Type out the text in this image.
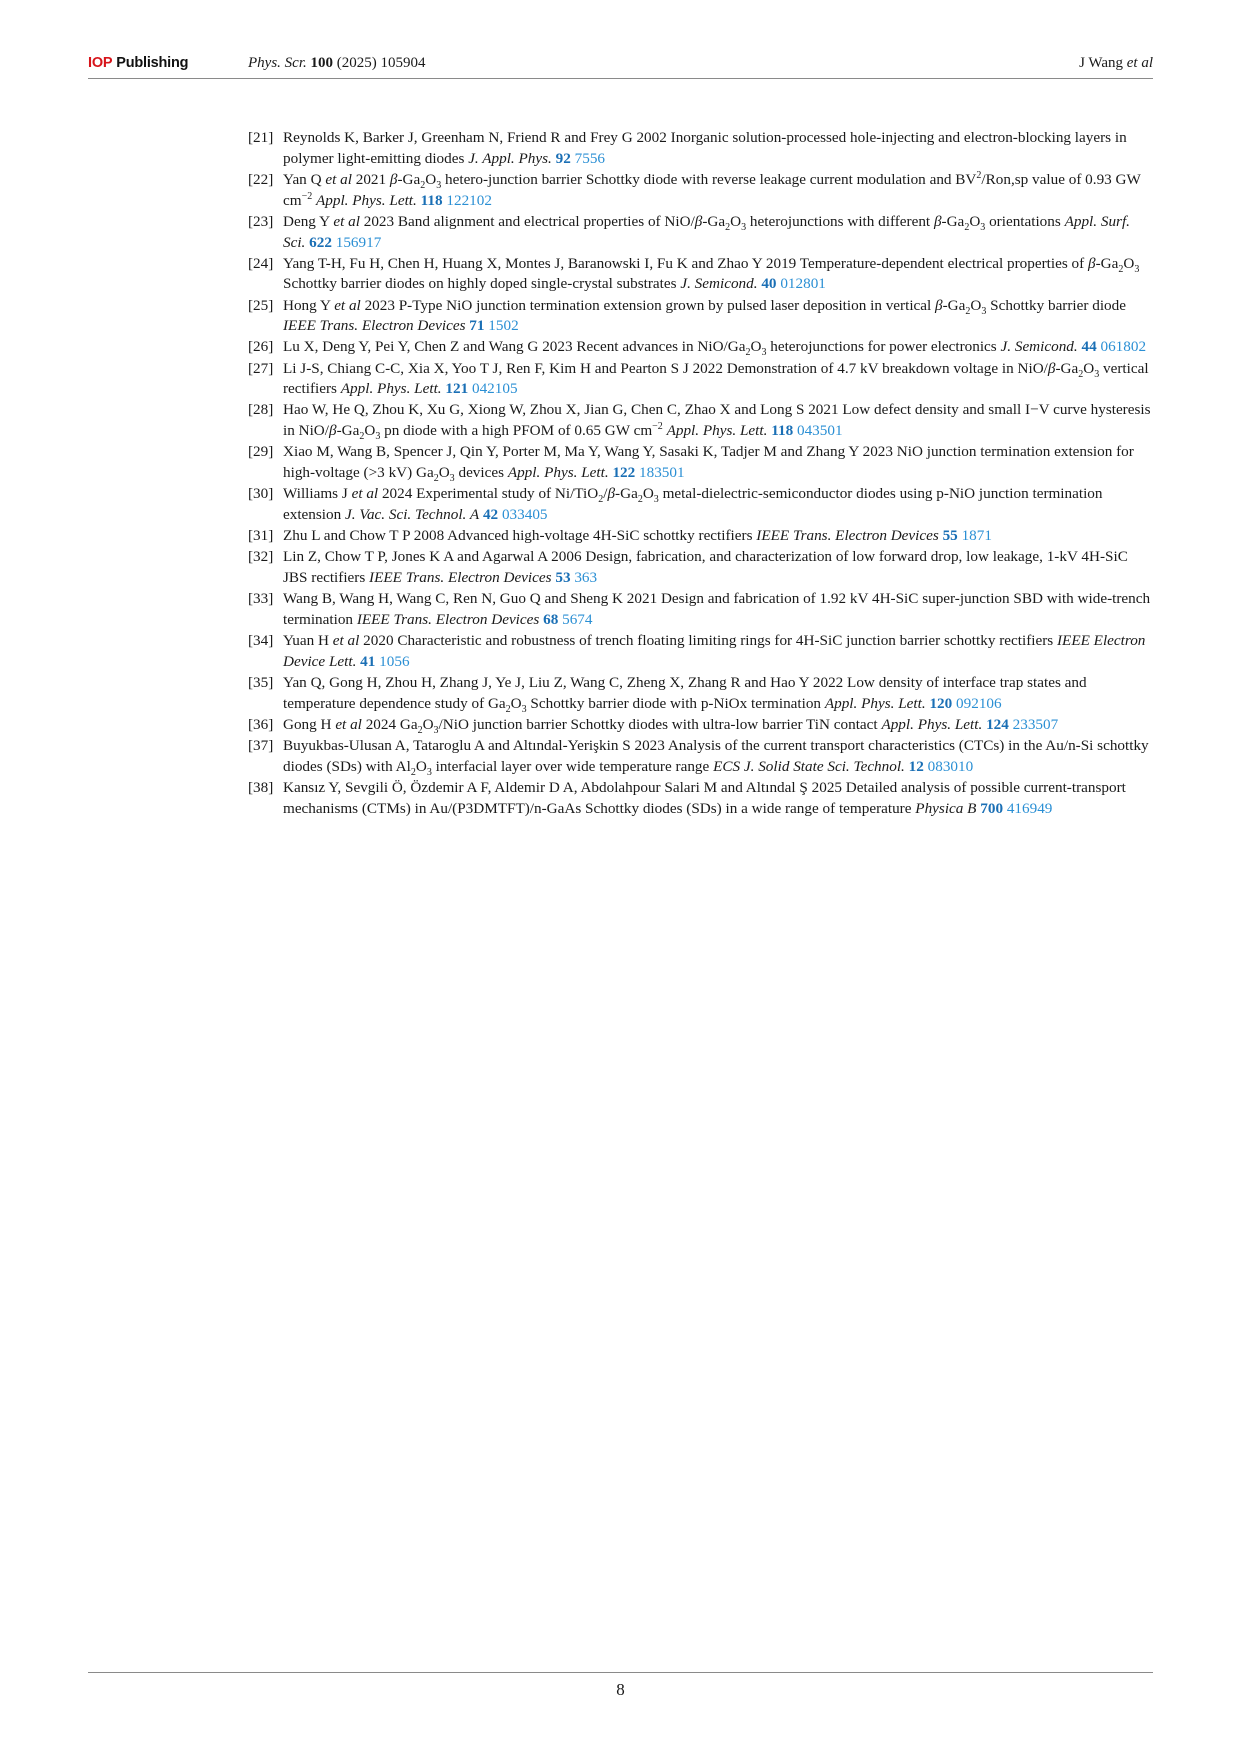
IOP Publishing	Phys. Scr. 100 (2025) 105904	J Wang et al
[21] Reynolds K, Barker J, Greenham N, Friend R and Frey G 2002 Inorganic solution-processed hole-injecting and electron-blocking layers in polymer light-emitting diodes J. Appl. Phys. 92 7556
[22] Yan Q et al 2021 $\beta-Ga_2O_3$ hetero-junction barrier Schottky diode with reverse leakage current modulation and $BV^2/Ron,sp$ value of 0.93 GW $cm^{-2}$ Appl. Phys. Lett. 118 122102
[23] Deng Y et al 2023 Band alignment and electrical properties of NiO/$\beta-Ga_2O_3$ heterojunctions with different $\beta-Ga_2O_3$ orientations Appl. Surf. Sci. 622 156917
[24] Yang T-H, Fu H, Chen H, Huang X, Montes J, Baranowski I, Fu K and Zhao Y 2019 Temperature-dependent electrical properties of $\beta-Ga_2O_3$ Schottky barrier diodes on highly doped single-crystal substrates J. Semicond. 40 012801
[25] Hong Y et al 2023 P-Type NiO junction termination extension grown by pulsed laser deposition in vertical $\beta-Ga_2O_3$ Schottky barrier diode IEEE Trans. Electron Devices 71 1502
[26] Lu X, Deng Y, Pei Y, Chen Z and Wang G 2023 Recent advances in NiO/$Ga_2O_3$ heterojunctions for power electronics J. Semicond. 44 061802
[27] Li J-S, Chiang C-C, Xia X, Yoo T J, Ren F, Kim H and Pearton S J 2022 Demonstration of 4.7 kV breakdown voltage in NiO/$\beta-Ga_2O_3$ vertical rectifiers Appl. Phys. Lett. 121 042105
[28] Hao W, He Q, Zhou K, Xu G, Xiong W, Zhou X, Jian G, Chen C, Zhao X and Long S 2021 Low defect density and small I−V curve hysteresis in NiO/$\beta-Ga_2O_3$ pn diode with a high PFOM of 0.65 GW $cm^{-2}$ Appl. Phys. Lett. 118 043501
[29] Xiao M, Wang B, Spencer J, Qin Y, Porter M, Ma Y, Wang Y, Sasaki K, Tadjer M and Zhang Y 2023 NiO junction termination extension for high-voltage (>3 kV) $Ga_2O_3$ devices Appl. Phys. Lett. 122 183501
[30] Williams J et al 2024 Experimental study of $Ni/TiO_2/\beta-Ga_2O_3$ metal-dielectric-semiconductor diodes using p-NiO junction termination extension J. Vac. Sci. Technol. A 42 033405
[31] Zhu L and Chow T P 2008 Advanced high-voltage 4H-SiC schottky rectifiers IEEE Trans. Electron Devices 55 1871
[32] Lin Z, Chow T P, Jones K A and Agarwal A 2006 Design, fabrication, and characterization of low forward drop, low leakage, 1-kV 4H-SiC JBS rectifiers IEEE Trans. Electron Devices 53 363
[33] Wang B, Wang H, Wang C, Ren N, Guo Q and Sheng K 2021 Design and fabrication of 1.92 kV 4H-SiC super-junction SBD with wide-trench termination IEEE Trans. Electron Devices 68 5674
[34] Yuan H et al 2020 Characteristic and robustness of trench floating limiting rings for 4H-SiC junction barrier schottky rectifiers IEEE Electron Device Lett. 41 1056
[35] Yan Q, Gong H, Zhou H, Zhang J, Ye J, Liu Z, Wang C, Zheng X, Zhang R and Hao Y 2022 Low density of interface trap states and temperature dependence study of $Ga_2O_3$ Schottky barrier diode with p-NiOx termination Appl. Phys. Lett. 120 092106
[36] Gong H et al 2024 $Ga_2O_3$/NiO junction barrier Schottky diodes with ultra-low barrier TiN contact Appl. Phys. Lett. 124 233507
[37] Buyukbas-Ulusan A, Tataroglu A and Altındal-Yerişkin S 2023 Analysis of the current transport characteristics (CTCs) in the Au/n-Si schottky diodes (SDs) with $Al_2O_3$ interfacial layer over wide temperature range ECS J. Solid State Sci. Technol. 12 083010
[38] Kansız Y, Sevgili Ö, Özdemir A F, Aldemir D A, Abdolahpour Salari M and Altındal Ş 2025 Detailed analysis of possible current-transport mechanisms (CTMs) in Au/(P3DMTFT)/n-GaAs Schottky diodes (SDs) in a wide range of temperature Physica B 700 416949
8
